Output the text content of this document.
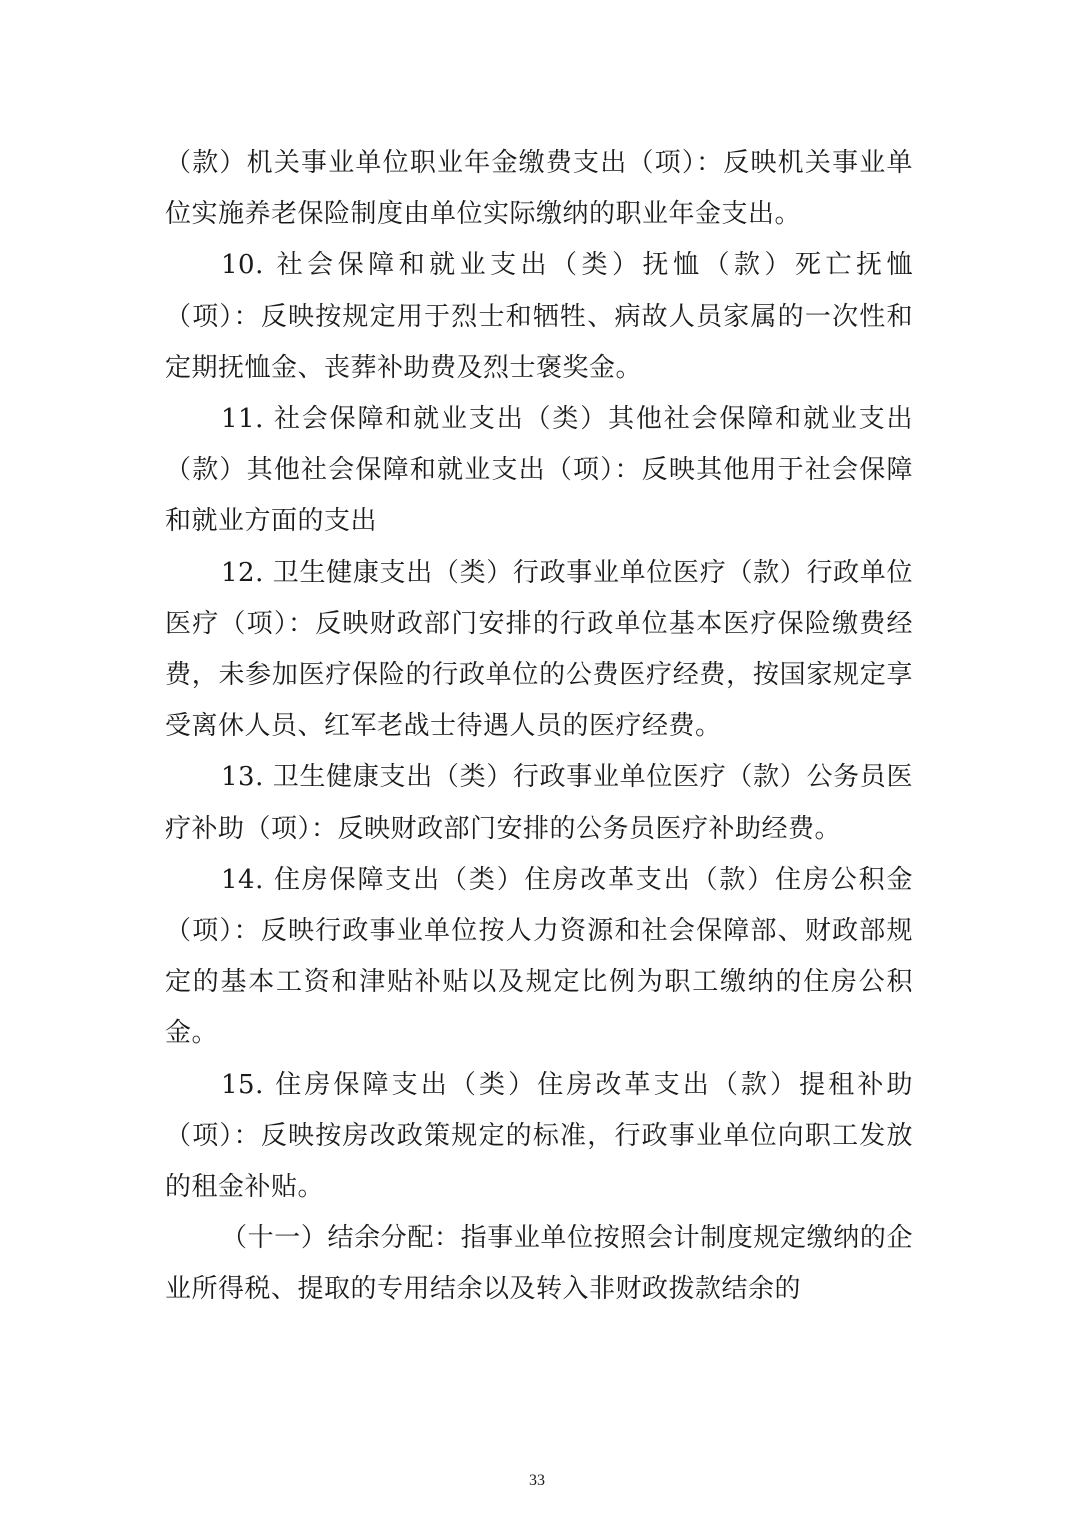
（款）机关事业单位职业年金缴费支出（项）：反映机关事业单位实施养老保险制度由单位实际缴纳的职业年金支出。

10. 社会保障和就业支出（类）抚恤（款）死亡抚恤（项）：反映按规定用于烈士和牺牲、病故人员家属的一次性和定期抚恤金、丧葬补助费及烈士褒奖金。

11. 社会保障和就业支出（类）其他社会保障和就业支出（款）其他社会保障和就业支出（项）：反映其他用于社会保障和就业方面的支出

12. 卫生健康支出（类）行政事业单位医疗（款）行政单位医疗（项）：反映财政部门安排的行政单位基本医疗保险缴费经费，未参加医疗保险的行政单位的公费医疗经费，按国家规定享受离休人员、红军老战士待遇人员的医疗经费。

13. 卫生健康支出（类）行政事业单位医疗（款）公务员医疗补助（项）：反映财政部门安排的公务员医疗补助经费。

14. 住房保障支出（类）住房改革支出（款）住房公积金（项）：反映行政事业单位按人力资源和社会保障部、财政部规定的基本工资和津贴补贴以及规定比例为职工缴纳的住房公积金。

15. 住房保障支出（类）住房改革支出（款）提租补助（项）：反映按房改政策规定的标准，行政事业单位向职工发放的租金补贴。

（十一）结余分配：指事业单位按照会计制度规定缴纳的企业所得税、提取的专用结余以及转入非财政拨款结余的

33
